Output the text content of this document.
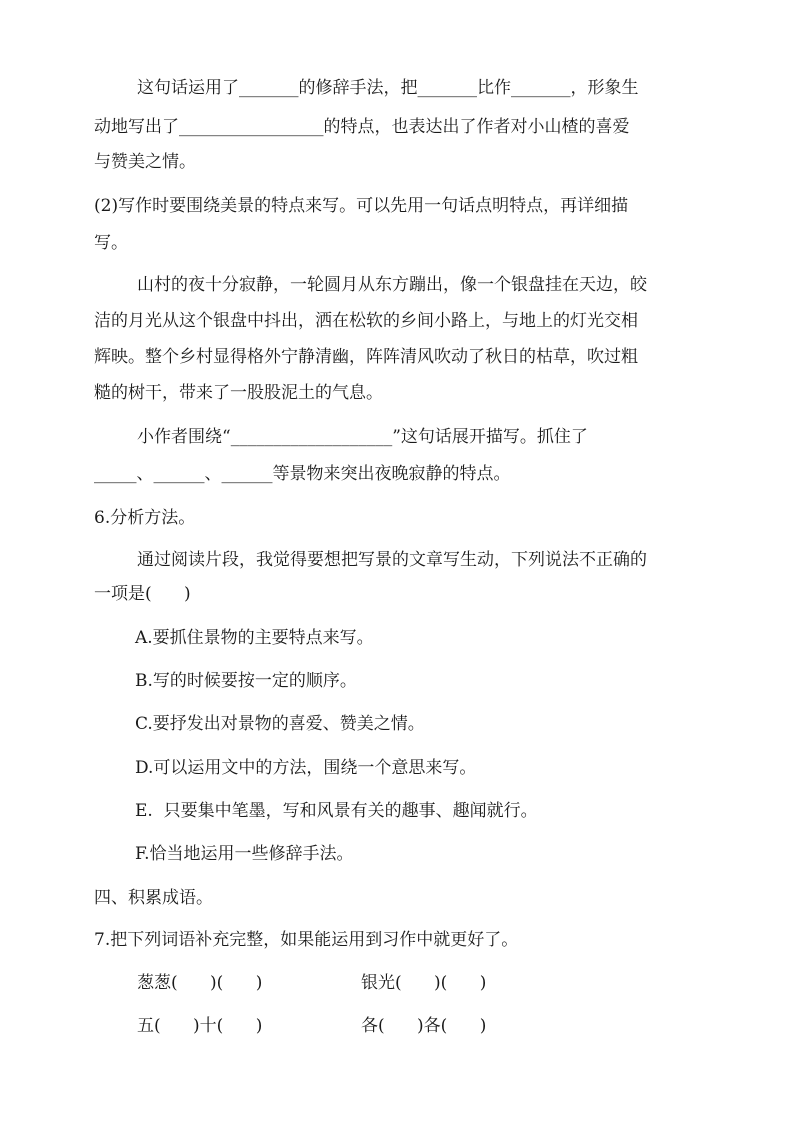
这句话运用了_______的修辞手法，把_______比作_______，形象生
动地写出了_________________的特点，也表达出了作者对小山楂的喜爱
与赞美之情。
(2)写作时要围绕美景的特点来写。可以先用一句话点明特点，再详细描
写。
山村的夜十分寂静，一轮圆月从东方蹦出，像一个银盘挂在天边，皎
洁的月光从这个银盘中抖出，洒在松软的乡间小路上，与地上的灯光交相
辉映。整个乡村显得格外宁静清幽，阵阵清风吹动了秋日的枯草，吹过粗
糙的树干，带来了一股股泥土的气息。
小作者围绕“___________________”这句话展开描写。抓住了
_____、______、______等景物来突出夜晚寂静的特点。
6.分析方法。
通过阅读片段，我觉得要想把写景的文章写生动，下列说法不正确的
一项是(      )
A.要抓住景物的主要特点来写。
B.写的时候要按一定的顺序。
C.要抒发出对景物的喜爱、赞美之情。
D.可以运用文中的方法，围绕一个意思来写。
E.  只要集中笔墨，写和风景有关的趣事、趣闻就行。
F.恰当地运用一些修辞手法。
四、积累成语。
7.把下列词语补充完整，如果能运用到习作中就更好了。
葱葱(      )(      )	银光(      )(      )
五(      )十(      )	各(      )各(      )
